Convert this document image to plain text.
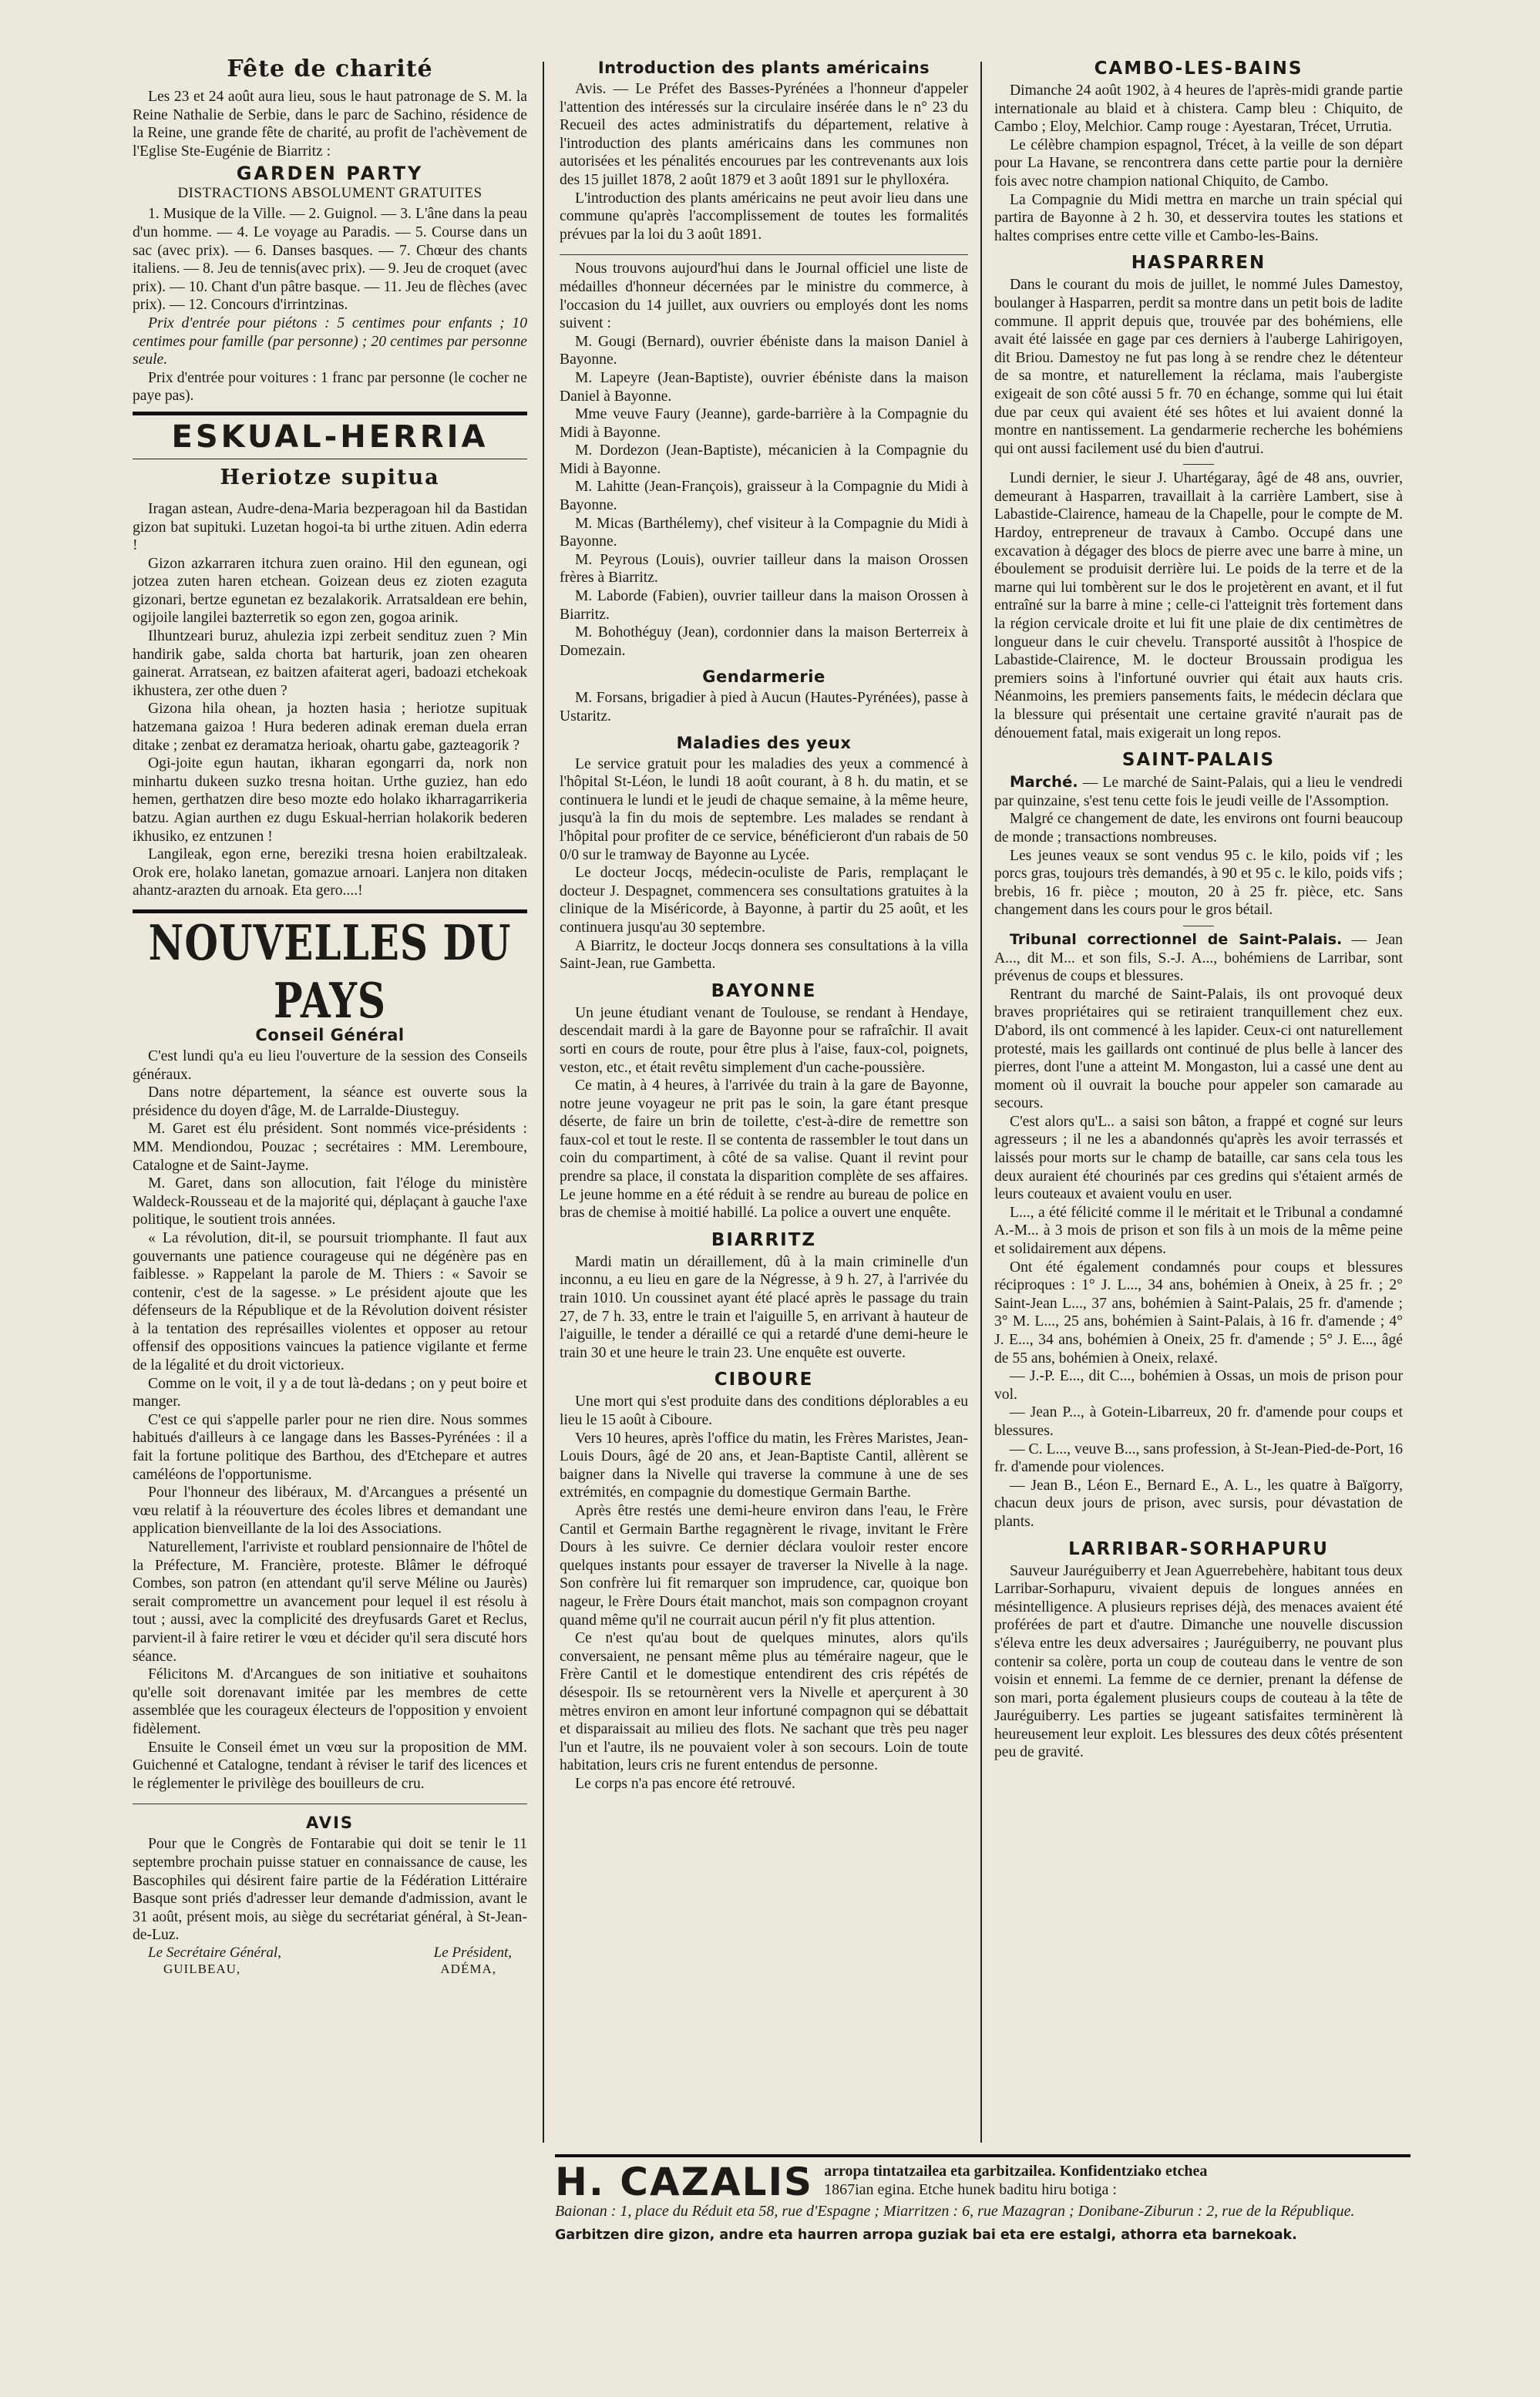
Fête de charité

Les 23 et 24 août aura lieu, sous le haut patronage de S. M. la Reine Nathalie de Serbie, dans le parc de Sachino, résidence de la Reine, une grande fête de charité, au profit de l'achèvement de l'Eglise Ste-Eugénie de Biarritz :

GARDEN PARTY
DISTRACTIONS ABSOLUMENT GRATUITES

1. Musique de la Ville. — 2. Guignol. — 3. L'âne dans la peau d'un homme. — 4. Le voyage au Paradis. — 5. Course dans un sac (avec prix). — 6. Danses basques. — 7. Chœur des chants italiens. — 8. Jeu de tennis(avec prix). — 9. Jeu de croquet (avec prix). — 10. Chant d'un pâtre basque. — 11. Jeu de flèches (avec prix). — 12. Concours d'irrintzinas.

Prix d'entrée pour piétons : 5 centimes pour enfants ; 10 centimes pour famille (par personne) ; 20 centimes par personne seule.

Prix d'entrée pour voitures : 1 franc par personne (le cocher ne paye pas).

ESKUAL-HERRIA
Heriotze supitua

Iragan astean, Audre-dena-Maria bezperagoan hil da Bastidan gizon bat supituki. Luzetan hogoi-ta bi urthe zituen. Adin ederra !

Gizon azkarraren itchura zuen oraino. Hil den egunean, ogi jotzea zuten haren etchean. Goizean deus ez zioten ezaguta gizonari, bertze egunetan ez bezalakorik. Arratsaldean ere behin, ogijoile langilei bazterretik so egon zen, gogoa arinik.

Ilhuntzeari buruz, ahulezia izpi zerbeit sendituz zuen ? Min handirik gabe, salda chorta bat harturik, joan zen ohearen gainerat. Arratsean, ez baitzen afaiterat ageri, badoazi etchekoak ikhustera, zer othe duen ?

Gizona hila ohean, ja hozten hasia ; heriotze supituak hatzemana gaizoa ! Hura bederen adinak ereman duela erran ditake ; zenbat ez deramatza herioak, ohartu gabe, gazteagorik ?

Ogi-joite egun hautan, ikharan egongarri da, nork non minhartu dukeen suzko tresna hoitan. Urthe guziez, han edo hemen, gerthatzen dire beso mozte edo holako ikharragarrikeria batzu. Agian aurthen ez dugu Eskual-herrian holakorik bederen ikhusiko, ez entzunen !

Langileak, egon erne, bereziki tresna hoien erabiltzaleak. Orok ere, holako lanetan, gomazue arnoari. Lanjera non ditaken ahantz-arazten du arnoak. Eta gero....!

NOUVELLES DU PAYS
Conseil Général

C'est lundi qu'a eu lieu l'ouverture de la session des Conseils généraux.

Dans notre département, la séance est ouverte sous la présidence du doyen d'âge, M. de Larralde-Diusteguy.

M. Garet est élu président. Sont nommés vice-présidents : MM. Mendiondou, Pouzac ; secrétaires : MM. Leremboure, Catalogne et de Saint-Jayme.

M. Garet, dans son allocution, fait l'éloge du ministère Waldeck-Rousseau et de la majorité qui, déplaçant à gauche l'axe politique, le soutient trois années.

« La révolution, dit-il, se poursuit triomphante. Il faut aux gouvernants une patience courageuse qui ne dégénère pas en faiblesse. » Rappelant la parole de M. Thiers : « Savoir se contenir, c'est de la sagesse. » Le président ajoute que les défenseurs de la République et de la Révolution doivent résister à la tentation des représailles violentes et opposer au retour offensif des oppositions vaincues la patience vigilante et ferme de la légalité et du droit victorieux.

Comme on le voit, il y a de tout là-dedans ; on y peut boire et manger.

C'est ce qui s'appelle parler pour ne rien dire. Nous sommes habitués d'ailleurs à ce langage dans les Basses-Pyrénées : il a fait la fortune politique des Barthou, des d'Etchepare et autres caméléons de l'opportunisme.

Pour l'honneur des libéraux, M. d'Arcangues a présenté un vœu relatif à la réouverture des écoles libres et demandant une application bienveillante de la loi des Associations.

Naturellement, l'arriviste et roublard pensionnaire de l'hôtel de la Préfecture, M. Francière, proteste. Blâmer le défroqué Combes, son patron (en attendant qu'il serve Méline ou Jaurès) serait compromettre un avancement pour lequel il est résolu à tout ; aussi, avec la complicité des dreyfusards Garet et Reclus, parvient-il à faire retirer le vœu et décider qu'il sera discuté hors séance.

Félicitons M. d'Arcangues de son initiative et souhaitons qu'elle soit dorenavant imitée par les membres de cette assemblée que les courageux électeurs de l'opposition y envoient fidèlement.

Ensuite le Conseil émet un vœu sur la proposition de MM. Guichenné et Catalogne, tendant à réviser le tarif des licences et le réglementer le privilège des bouilleurs de cru.

AVIS

Pour que le Congrès de Fontarabie qui doit se tenir le 11 septembre prochain puisse statuer en connaissance de cause, les Bascophiles qui désirent faire partie de la Fédération Littéraire Basque sont priés d'adresser leur demande d'admission, avant le 31 août, présent mois, au siège du secrétariat général, à St-Jean-de-Luz.

Le Secrétaire Général,	Le Président,
GUILBEAU,	ADÉMA,
Introduction des plants américains

Avis. — Le Préfet des Basses-Pyrénées a l'honneur d'appeler l'attention des intéressés sur la circulaire insérée dans le n° 23 du Recueil des actes administratifs du département, relative à l'introduction des plants américains dans les communes non autorisées et les pénalités encourues par les contrevenants aux lois des 15 juillet 1878, 2 août 1879 et 3 août 1891 sur le phylloxéra.

L'introduction des plants américains ne peut avoir lieu dans une commune qu'après l'accomplissement de toutes les formalités prévues par la loi du 3 août 1891.

Nous trouvons aujourd'hui dans le Journal officiel une liste de médailles d'honneur décernées par le ministre du commerce, à l'occasion du 14 juillet, aux ouvriers ou employés dont les noms suivent :

M. Gougi (Bernard), ouvrier ébéniste dans la maison Daniel à Bayonne.

M. Lapeyre (Jean-Baptiste), ouvrier ébéniste dans la maison Daniel à Bayonne.

Mme veuve Faury (Jeanne), garde-barrière à la Compagnie du Midi à Bayonne.

M. Dordezon (Jean-Baptiste), mécanicien à la Compagnie du Midi à Bayonne.

M. Lahitte (Jean-François), graisseur à la Compagnie du Midi à Bayonne.

M. Micas (Barthélemy), chef visiteur à la Compagnie du Midi à Bayonne.

M. Peyrous (Louis), ouvrier tailleur dans la maison Orossen frères à Biarritz.

M. Laborde (Fabien), ouvrier tailleur dans la maison Orossen à Biarritz.

M. Bohothéguy (Jean), cordonnier dans la maison Berterreix à Domezain.

Gendarmerie

M. Forsans, brigadier à pied à Aucun (Hautes-Pyrénées), passe à Ustaritz.

Maladies des yeux

Le service gratuit pour les maladies des yeux a commencé à l'hôpital St-Léon, le lundi 18 août courant, à 8 h. du matin, et se continuera le lundi et le jeudi de chaque semaine, à la même heure, jusqu'à la fin du mois de septembre. Les malades se rendant à l'hôpital pour profiter de ce service, bénéficieront d'un rabais de 50 0/0 sur le tramway de Bayonne au Lycée.

Le docteur Jocqs, médecin-oculiste de Paris, remplaçant le docteur J. Despagnet, commencera ses consultations gratuites à la clinique de la Miséricorde, à Bayonne, à partir du 25 août, et les continuera jusqu'au 30 septembre.

A Biarritz, le docteur Jocqs donnera ses consultations à la villa Saint-Jean, rue Gambetta.

BAYONNE

Un jeune étudiant venant de Toulouse, se rendant à Hendaye, descendait mardi à la gare de Bayonne pour se rafraîchir. Il avait sorti en cours de route, pour être plus à l'aise, faux-col, poignets, veston, etc., et était revêtu simplement d'un cache-poussière.

Ce matin, à 4 heures, à l'arrivée du train à la gare de Bayonne, notre jeune voyageur ne prit pas le soin, la gare étant presque déserte, de faire un brin de toilette, c'est-à-dire de remettre son faux-col et tout le reste. Il se contenta de rassembler le tout dans un coin du compartiment, à côté de sa valise. Quant il revint pour prendre sa place, il constata la disparition complète de ses affaires. Le jeune homme en a été réduit à se rendre au bureau de police en bras de chemise à moitié habillé. La police a ouvert une enquête.

BIARRITZ

Mardi matin un déraillement, dû à la main criminelle d'un inconnu, a eu lieu en gare de la Négresse, à 9 h. 27, à l'arrivée du train 1010. Un coussinet ayant été placé après le passage du train 27, de 7 h. 33, entre le train et l'aiguille 5, en arrivant à hauteur de l'aiguille, le tender a déraillé ce qui a retardé d'une demi-heure le train 30 et une heure le train 23. Une enquête est ouverte.

CIBOURE

Une mort qui s'est produite dans des conditions déplorables a eu lieu le 15 août à Ciboure.

Vers 10 heures, après l'office du matin, les Frères Maristes, Jean-Louis Dours, âgé de 20 ans, et Jean-Baptiste Cantil, allèrent se baigner dans la Nivelle qui traverse la commune à une de ses extrémités, en compagnie du domestique Germain Barthe.

Après être restés une demi-heure environ dans l'eau, le Frère Cantil et Germain Barthe regagnèrent le rivage, invitant le Frère Dours à les suivre. Ce dernier déclara vouloir rester encore quelques instants pour essayer de traverser la Nivelle à la nage. Son confrère lui fit remarquer son imprudence, car, quoique bon nageur, le Frère Dours était manchot, mais son compagnon croyant quand même qu'il ne courrait aucun péril n'y fit plus attention.

Ce n'est qu'au bout de quelques minutes, alors qu'ils conversaient, ne pensant même plus au téméraire nageur, que le Frère Cantil et le domestique entendirent des cris répétés de désespoir. Ils se retournèrent vers la Nivelle et aperçurent à 30 mètres environ en amont leur infortuné compagnon qui se débattait et disparaissait au milieu des flots. Ne sachant que très peu nager l'un et l'autre, ils ne pouvaient voler à son secours. Loin de toute habitation, leurs cris ne furent entendus de personne.

Le corps n'a pas encore été retrouvé.

CAMBO-LES-BAINS

Dimanche 24 août 1902, à 4 heures de l'après-midi grande partie internationale au blaid et à chistera. Camp bleu : Chiquito, de Cambo ; Eloy, Melchior. Camp rouge : Ayestaran, Trécet, Urrutia.

Le célèbre champion espagnol, Trécet, à la veille de son départ pour La Havane, se rencontrera dans cette partie pour la dernière fois avec notre champion national Chiquito, de Cambo.

La Compagnie du Midi mettra en marche un train spécial qui partira de Bayonne à 2 h. 30, et desservira toutes les stations et haltes comprises entre cette ville et Cambo-les-Bains.

HASPARREN

Dans le courant du mois de juillet, le nommé Jules Damestoy, boulanger à Hasparren, perdit sa montre dans un petit bois de ladite commune. Il apprit depuis que, trouvée par des bohémiens, elle avait été laissée en gage par ces derniers à l'auberge Lahirigoyen, dit Briou. Damestoy ne fut pas long à se rendre chez le détenteur de sa montre, et naturellement la réclama, mais l'aubergiste exigeait de son côté aussi 5 fr. 70 en échange, somme qui lui était due par ceux qui avaient été ses hôtes et lui avaient donné la montre en nantissement. La gendarmerie recherche les bohémiens qui ont aussi facilement usé du bien d'autrui.

Lundi dernier, le sieur J. Uhartégaray, âgé de 48 ans, ouvrier, demeurant à Hasparren, travaillait à la carrière Lambert, sise à Labastide-Clairence, hameau de la Chapelle, pour le compte de M. Hardoy, entrepreneur de travaux à Cambo. Occupé dans une excavation à dégager des blocs de pierre avec une barre à mine, un éboulement se produisit derrière lui. Le poids de la terre et de la marne qui lui tombèrent sur le dos le projetèrent en avant, et il fut entraîné sur la barre à mine ; celle-ci l'atteignit très fortement dans la région cervicale droite et lui fit une plaie de dix centimètres de longueur dans le cuir chevelu. Transporté aussitôt à l'hospice de Labastide-Clairence, M. le docteur Broussain prodigua les premiers soins à l'infortuné ouvrier qui était aux hauts cris. Néanmoins, les premiers pansements faits, le médecin déclara que la blessure qui présentait une certaine gravité n'aurait pas de dénouement fatal, mais exigerait un long repos.

SAINT-PALAIS

Marché. — Le marché de Saint-Palais, qui a lieu le vendredi par quinzaine, s'est tenu cette fois le jeudi veille de l'Assomption.

Malgré ce changement de date, les environs ont fourni beaucoup de monde ; transactions nombreuses.

Les jeunes veaux se sont vendus 95 c. le kilo, poids vif ; les porcs gras, toujours très demandés, à 90 et 95 c. le kilo, poids vifs ; brebis, 16 fr. pièce ; mouton, 20 à 25 fr. pièce, etc. Sans changement dans les cours pour le gros bétail.

Tribunal correctionnel de Saint-Palais. — Jean A..., dit M... et son fils, S.-J. A..., bohémiens de Larribar, sont prévenus de coups et blessures.

Rentrant du marché de Saint-Palais, ils ont provoqué deux braves propriétaires qui se retiraient tranquillement chez eux. D'abord, ils ont commencé à les lapider. Ceux-ci ont naturellement protesté, mais les gaillards ont continué de plus belle à lancer des pierres, dont l'une a atteint M. Mongaston, lui a cassé une dent au moment où il ouvrait la bouche pour appeler son camarade au secours.

C'est alors qu'L.. a saisi son bâton, a frappé et cogné sur leurs agresseurs ; il ne les a abandonnés qu'après les avoir terrassés et laissés pour morts sur le champ de bataille, car sans cela tous les deux auraient été chourinés par ces gredins qui s'étaient armés de leurs couteaux et avaient voulu en user.

L..., a été félicité comme il le méritait et le Tribunal a condamné A.-M... à 3 mois de prison et son fils à un mois de la même peine et solidairement aux dépens.

Ont été également condamnés pour coups et blessures réciproques : 1° J. L..., 34 ans, bohémien à Oneix, à 25 fr. ; 2° Saint-Jean L..., 37 ans, bohémien à Saint-Palais, 25 fr. d'amende ; 3° M. L..., 25 ans, bohémien à Saint-Palais, à 16 fr. d'amende ; 4° J. E..., 34 ans, bohémien à Oneix, 25 fr. d'amende ; 5° J. E..., âgé de 55 ans, bohémien à Oneix, relaxé.

— J.-P. E..., dit C..., bohémien à Ossas, un mois de prison pour vol.

— Jean P..., à Gotein-Libarreux, 20 fr. d'amende pour coups et blessures.

— C. L..., veuve B..., sans profession, à St-Jean-Pied-de-Port, 16 fr. d'amende pour violences.

— Jean B., Léon E., Bernard E., A. L., les quatre à Baïgorry, chacun deux jours de prison, avec sursis, pour dévastation de plants.

LARRIBAR-SORHAPURU

Sauveur Jauréguiberry et Jean Aguerrebehère, habitant tous deux Larribar-Sorhapuru, vivaient depuis de longues années en mésintelligence. A plusieurs reprises déjà, des menaces avaient été proférées de part et d'autre. Dimanche une nouvelle discussion s'éleva entre les deux adversaires ; Jauréguiberry, ne pouvant plus contenir sa colère, porta un coup de couteau dans le ventre de son voisin et ennemi. La femme de ce dernier, prenant la défense de son mari, porta également plusieurs coups de couteau à la tête de Jauréguiberry. Les parties se jugeant satisfaites terminèrent là heureusement leur exploit. Les blessures des deux côtés présentent peu de gravité.

H. CAZALIS arropa tintatzailea eta garbitzailea. Konfidentziako etchea
1867ian egina. Etche hunek baditu hiru botiga :
Baionan : 1, place du Réduit eta 58, rue d'Espagne ; Miarritzen : 6, rue Mazagran ; Donibane-Ziburun : 2, rue de la République.
Garbitzen dire gizon, andre eta haurren arropa guziak bai eta ere estalgi, athorra eta barnekoak.
